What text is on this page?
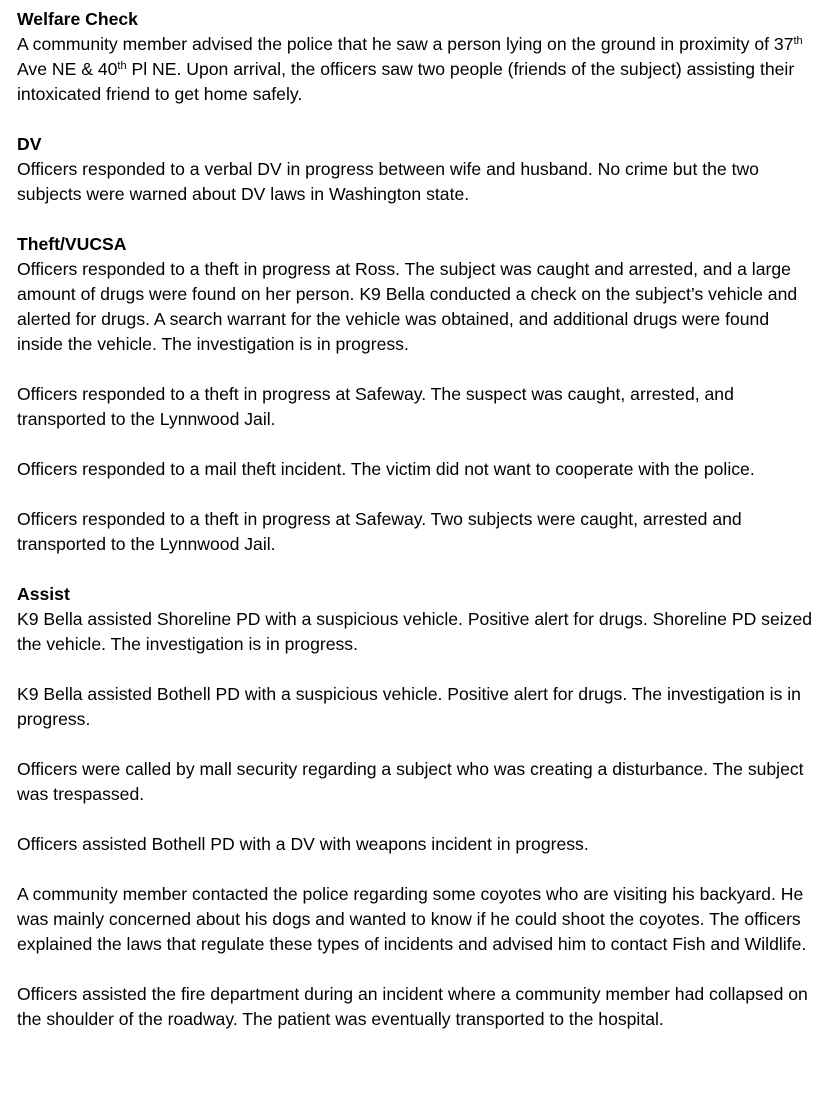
Welfare Check

A community member advised the police that he saw a person lying on the ground in proximity of 37th Ave NE & 40th Pl NE. Upon arrival, the officers saw two people (friends of the subject) assisting their intoxicated friend to get home safely.

DV

Officers responded to a verbal DV in progress between wife and husband. No crime but the two subjects were warned about DV laws in Washington state.

Theft/VUCSA

Officers responded to a theft in progress at Ross. The subject was caught and arrested, and a large amount of drugs were found on her person. K9 Bella conducted a check on the subject’s vehicle and alerted for drugs. A search warrant for the vehicle was obtained, and additional drugs were found inside the vehicle. The investigation is in progress.

Officers responded to a theft in progress at Safeway. The suspect was caught, arrested, and transported to the Lynnwood Jail.

Officers responded to a mail theft incident. The victim did not want to cooperate with the police.

Officers responded to a theft in progress at Safeway. Two subjects were caught, arrested and transported to the Lynnwood Jail.

Assist

K9 Bella assisted Shoreline PD with a suspicious vehicle. Positive alert for drugs. Shoreline PD seized the vehicle. The investigation is in progress.

K9 Bella assisted Bothell PD with a suspicious vehicle. Positive alert for drugs. The investigation is in progress.

Officers were called by mall security regarding a subject who was creating a disturbance. The subject was trespassed.

Officers assisted Bothell PD with a DV with weapons incident in progress.

A community member contacted the police regarding some coyotes who are visiting his backyard. He was mainly concerned about his dogs and wanted to know if he could shoot the coyotes. The officers explained the laws that regulate these types of incidents and advised him to contact Fish and Wildlife.

Officers assisted the fire department during an incident where a community member had collapsed on the shoulder of the roadway. The patient was eventually transported to the hospital.
